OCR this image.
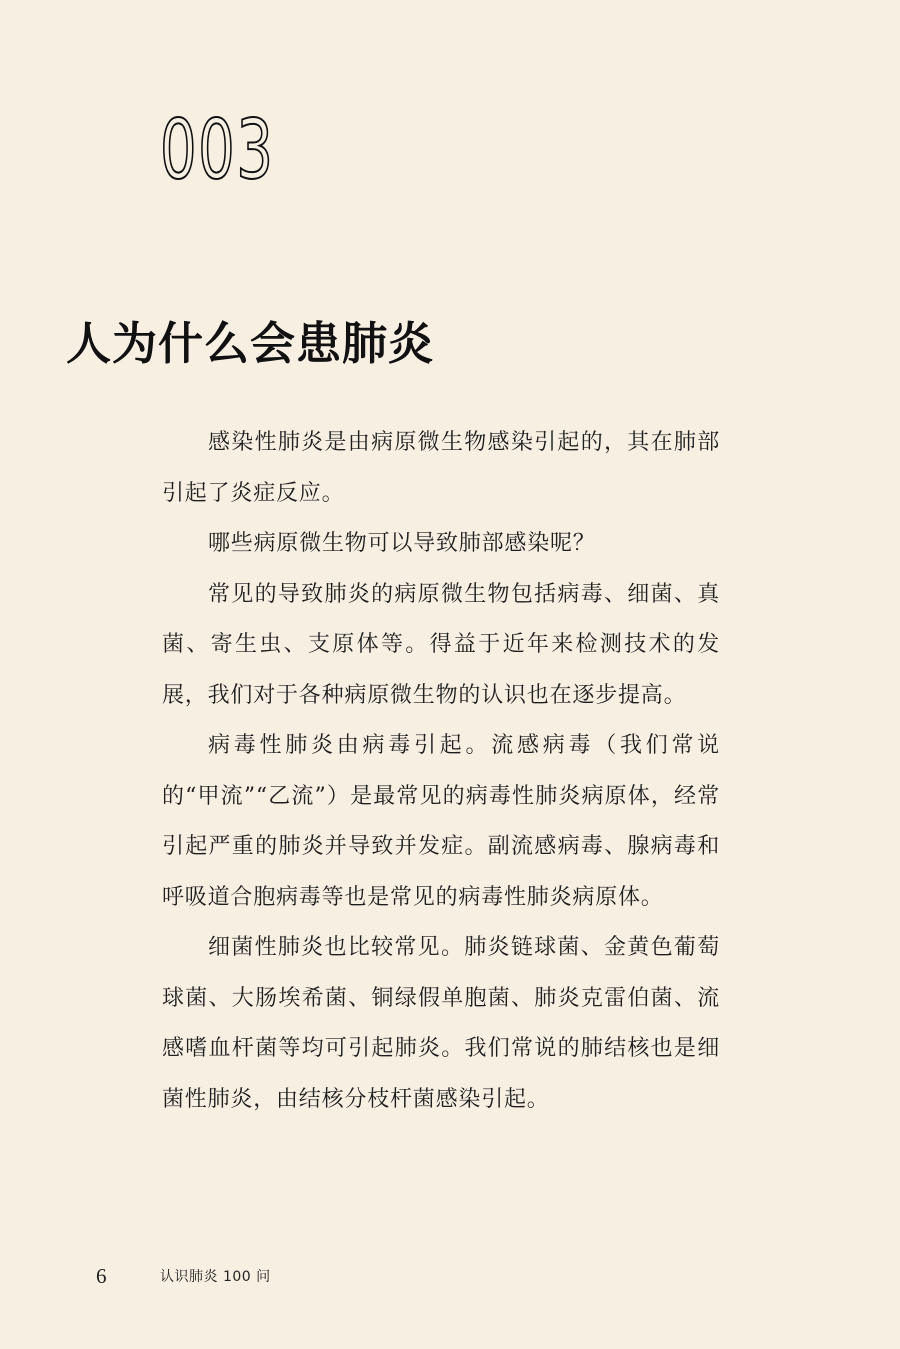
003
人为什么会患肺炎

感染性肺炎是由病原微生物感染引起的，其在肺部引起了炎症反应。

哪些病原微生物可以导致肺部感染呢？

常见的导致肺炎的病原微生物包括病毒、细菌、真菌、寄生虫、支原体等。得益于近年来检测技术的发展，我们对于各种病原微生物的认识也在逐步提高。

病毒性肺炎由病毒引起。流感病毒（我们常说的“甲流”“乙流”）是最常见的病毒性肺炎病原体，经常引起严重的肺炎并导致并发症。副流感病毒、腺病毒和呼吸道合胞病毒等也是常见的病毒性肺炎病原体。

细菌性肺炎也比较常见。肺炎链球菌、金黄色葡萄球菌、大肠埃希菌、铜绿假单胞菌、肺炎克雷伯菌、流感嗜血杆菌等均可引起肺炎。我们常说的肺结核也是细菌性肺炎，由结核分枝杆菌感染引起。

6	认识肺炎 100 问
